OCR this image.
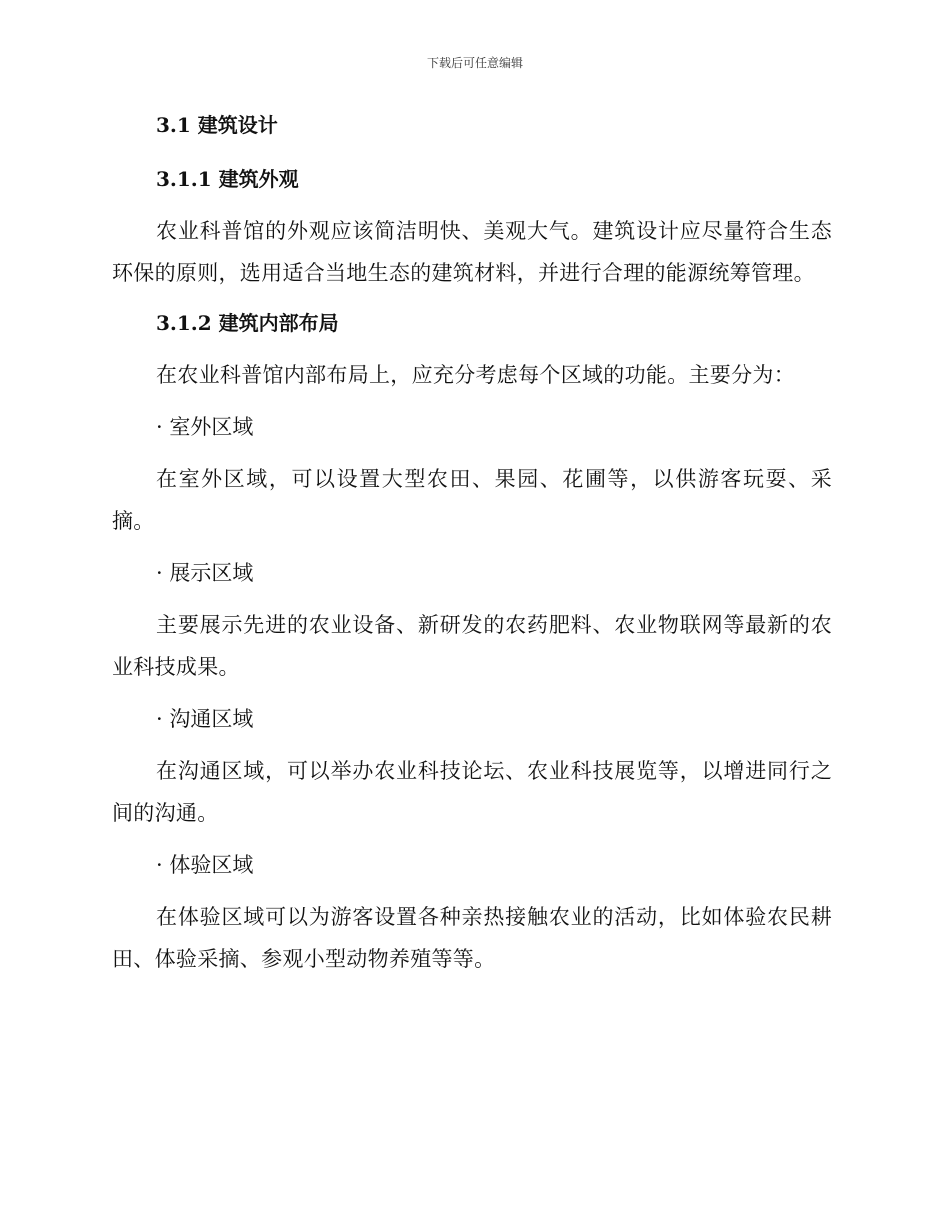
下载后可任意编辑
3.1 建筑设计
3.1.1 建筑外观

农业科普馆的外观应该简洁明快、美观大气。建筑设计应尽量符合生态环保的原则，选用适合当地生态的建筑材料，并进行合理的能源统筹管理。

3.1.2 建筑内部布局

在农业科普馆内部布局上，应充分考虑每个区域的功能。主要分为：

· 室外区域

在室外区域，可以设置大型农田、果园、花圃等，以供游客玩耍、采摘。

· 展示区域

主要展示先进的农业设备、新研发的农药肥料、农业物联网等最新的农业科技成果。

· 沟通区域

在沟通区域，可以举办农业科技论坛、农业科技展览等，以增进同行之间的沟通。

· 体验区域

在体验区域可以为游客设置各种亲热接触农业的活动，比如体验农民耕田、体验采摘、参观小型动物养殖等等。
